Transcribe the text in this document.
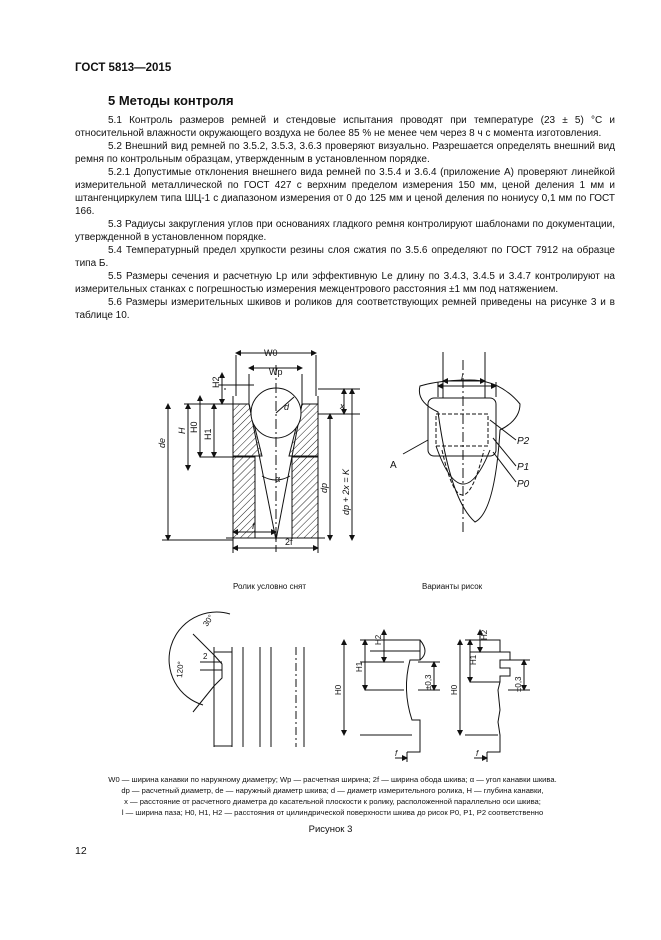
ГОСТ 5813—2015
5 Методы контроля

5.1 Контроль размеров ремней и стендовые испытания проводят при температуре (23 ± 5) °С и относительной влажности окружающего воздуха не более 85 % не менее чем через 8 ч с момента изготовления.

5.2 Внешний вид ремней по 3.5.2, 3.5.3, 3.6.3 проверяют визуально. Разрешается определять внешний вид ремня по контрольным образцам, утвержденным в установленном порядке.

5.2.1 Допустимые отклонения внешнего вида ремней по 3.5.4 и 3.6.4 (приложение А) проверяют линейкой измерительной металлической по ГОСТ 427 с верхним пределом измерения 150 мм, ценой деления 1 мм и штангенциркулем типа ШЦ-1 с диапазоном измерения от 0 до 125 мм и ценой деления по нониусу 0,1 мм по ГОСТ 166.

5.3 Радиусы закругления углов при основаниях гладкого ремня контролируют шаблонами по документации, утвержденной в установленном порядке.

5.4 Температурный предел хрупкости резины слоя сжатия по 3.5.6 определяют по ГОСТ 7912 на образце типа Б.

5.5 Размеры сечения и расчетную Lp или эффективную Le длину по 3.4.3, 3.4.5 и 3.4.7 контролируют на измерительных станках с погрешностью измерения межцентрового расстояния ±1 мм под натяжением.

5.6 Размеры измерительных шкивов и роликов для соответствующих ремней приведены на рисунке 3 и в таблице 10.

W0
Wp
d
α
f
2f
x
H2
H1
H0
H
de
dp dp + 2x = K
l
A
P2
P1
P0
30°
120°
2
H2
H1
H0	±0,3
f
H2
H1
H0	±0,3
f
Ролик условно снят	Варианты рисок
W0 — ширина канавки по наружному диаметру; Wp — расчетная ширина; 2f — ширина обода шкива; α — угол канавки шкива.
dp — расчетный диаметр, de — наружный диаметр шкива; d — диаметр измерительного ролика, H — глубина канавки,
x — расстояние от расчетного диаметра до касательной плоскости к ролику, расположенной параллельно оси шкива;
l — ширина паза; H0, H1, H2 — расстояния от цилиндрической поверхности шкива до рисок P0, P1, P2 соответственно
Рисунок 3
12
